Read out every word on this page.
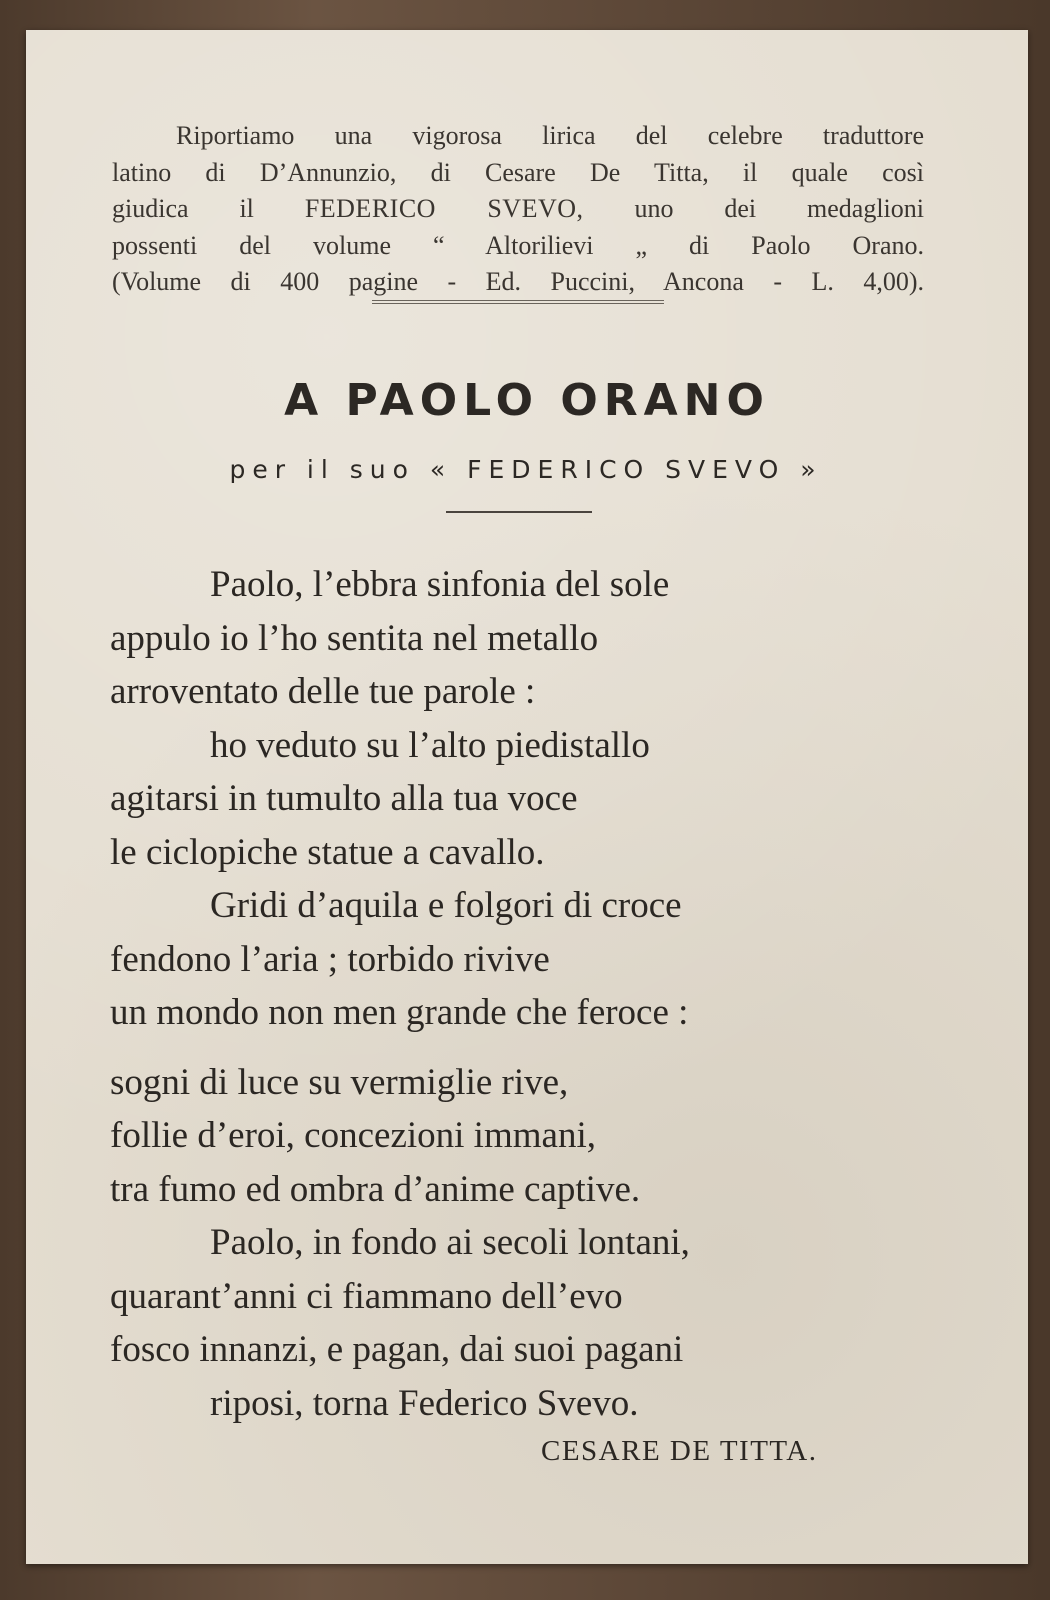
Riportiamo una vigorosa lirica del celebre traduttore
latino di D’Annunzio, di Cesare De Titta, il quale così
giudica il FEDERICO SVEVO, uno dei medaglioni
possenti del volume “ Altorilievi „ di Paolo Orano.
(Volume di 400 pagine - Ed. Puccini, Ancona - L. 4,00).
A PAOLO ORANO
per il suo « FEDERICO SVEVO »
Paolo, l’ebbra sinfonia del sole
appulo io l’ho sentita nel metallo
arroventato delle tue parole :
ho veduto su l’alto piedistallo
agitarsi in tumulto alla tua voce
le ciclopiche statue a cavallo.
Gridi d’aquila e folgori di croce
fendono l’aria ; torbido rivive
un mondo non men grande che feroce :
sogni di luce su vermiglie rive,
follie d’eroi, concezioni immani,
tra fumo ed ombra d’anime captive.
Paolo, in fondo ai secoli lontani,
quarant’anni ci fiammano dell’evo
fosco innanzi, e pagan, dai suoi pagani
riposi, torna Federico Svevo.
CESARE DE TITTA.
